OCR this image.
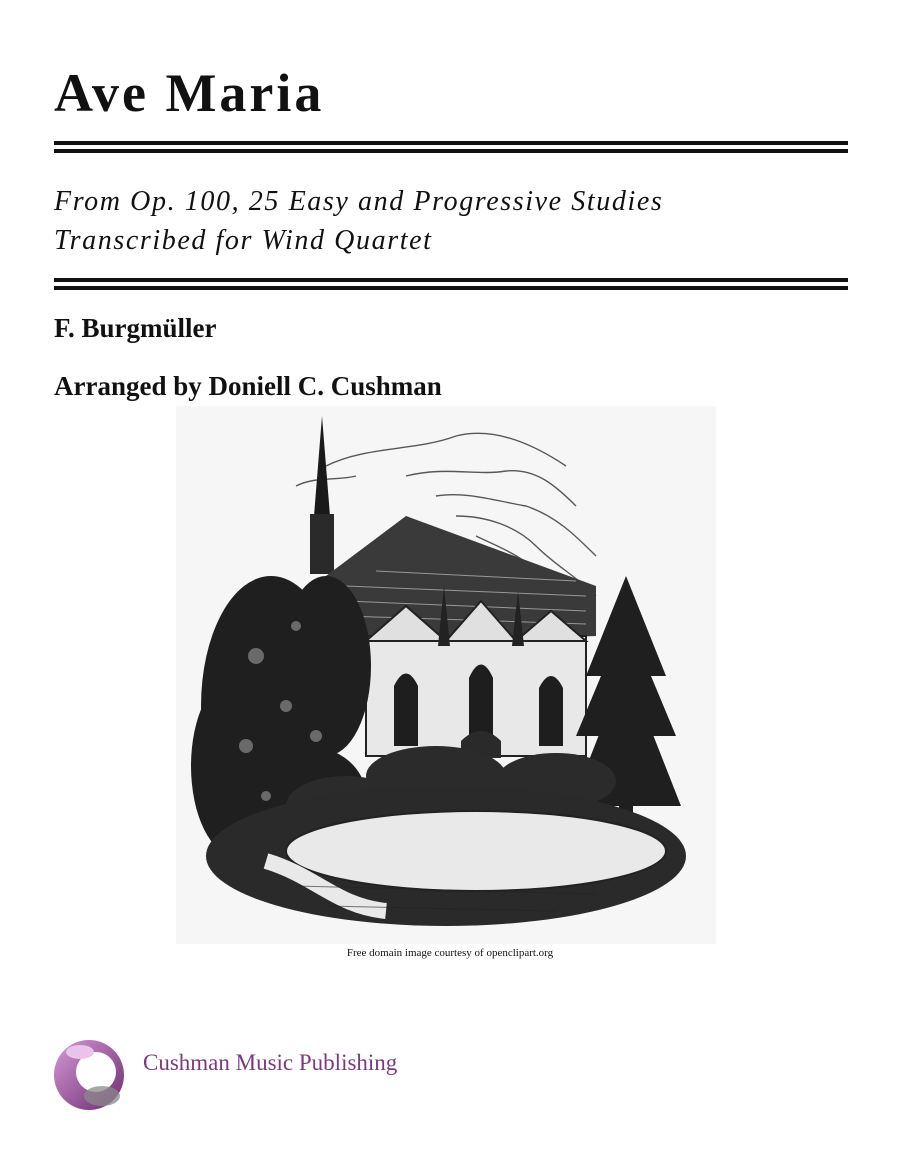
Ave Maria
From Op. 100, 25 Easy and Progressive Studies
Transcribed for Wind Quartet
F. Burgmüller
Arranged by Doniell C. Cushman
Free domain image courtesy of openclipart.org
Cushman Music Publishing
